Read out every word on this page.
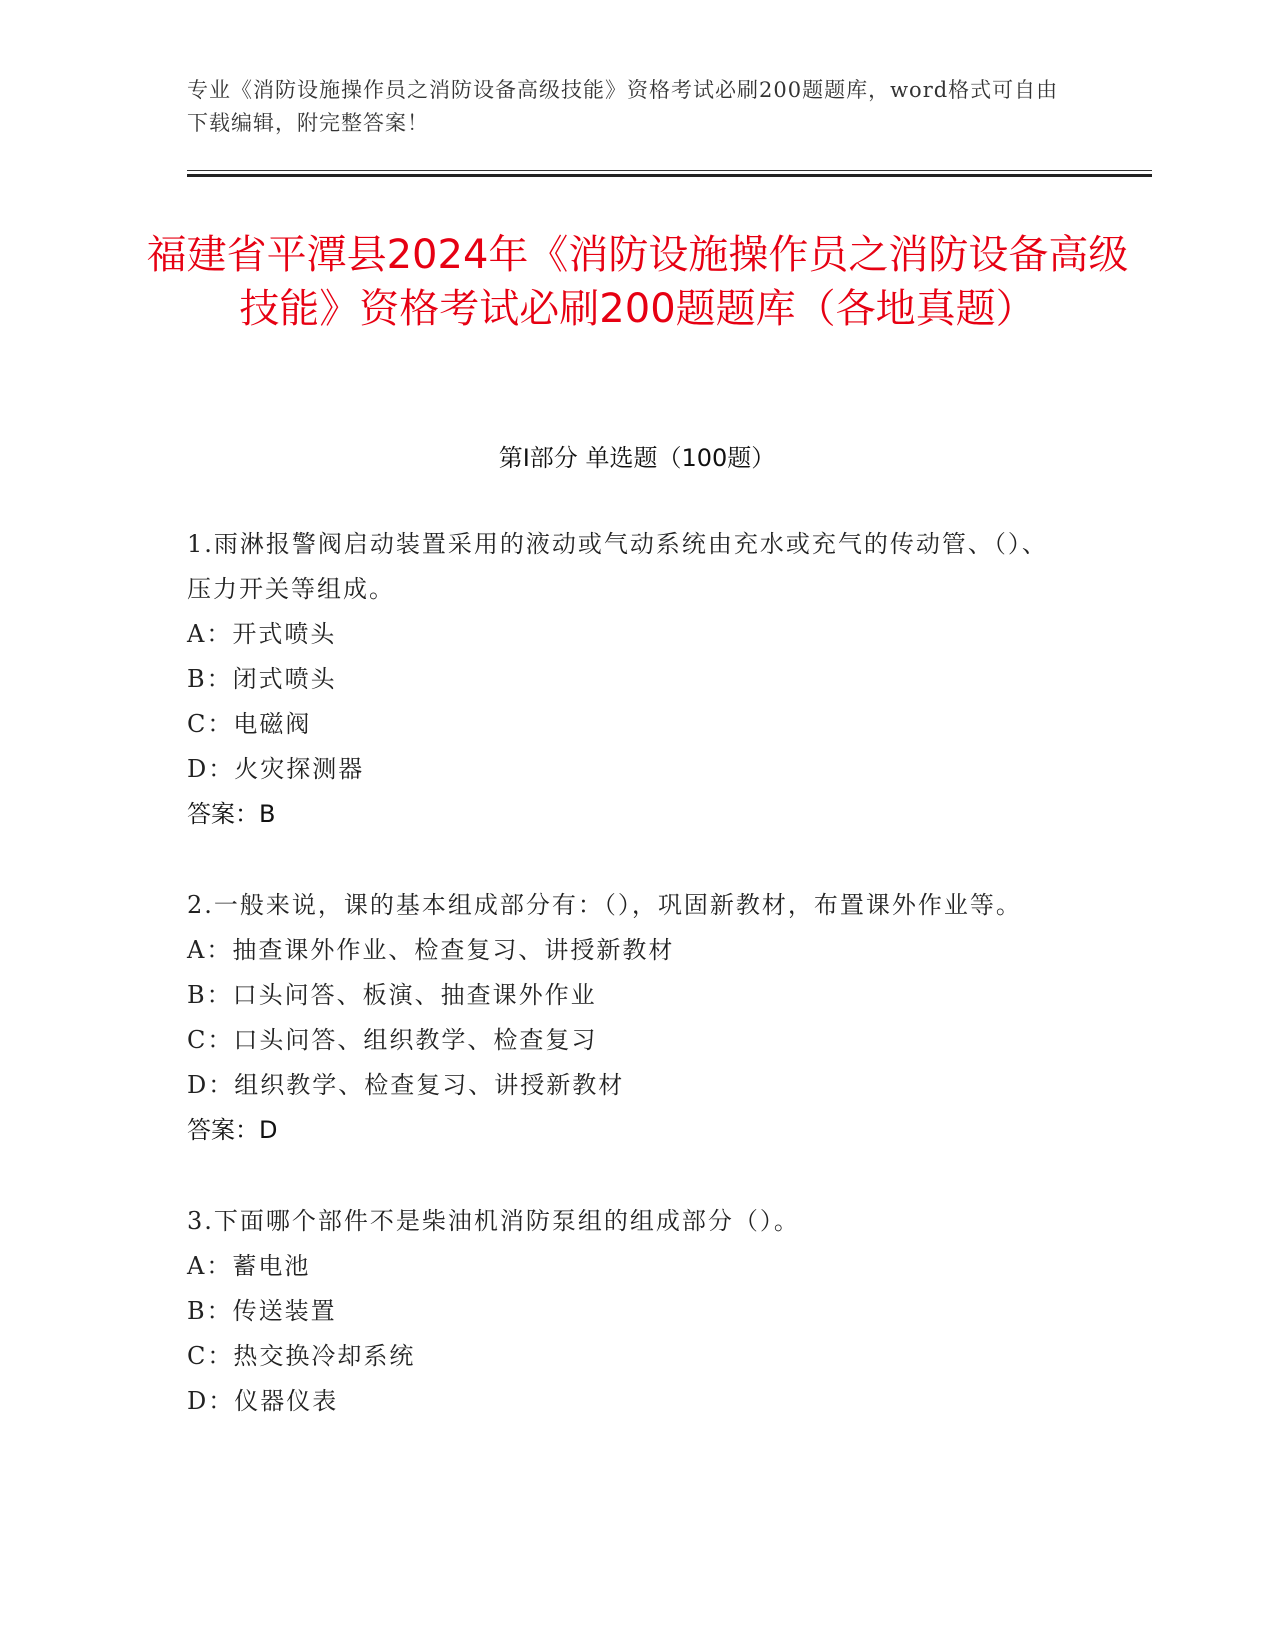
专业《消防设施操作员之消防设备高级技能》资格考试必刷200题题库，word格式可自由下载编辑，附完整答案！
福建省平潭县2024年《消防设施操作员之消防设备高级技能》资格考试必刷200题题库（各地真题）
第Ⅰ部分 单选题（100题）
1.雨淋报警阀启动装置采用的液动或气动系统由充水或充气的传动管、（）、压力开关等组成。
A：开式喷头
B：闭式喷头
C：电磁阀
D：火灾探测器
答案：B
2.一般来说，课的基本组成部分有：（），巩固新教材，布置课外作业等。
A：抽查课外作业、检查复习、讲授新教材
B：口头问答、板演、抽查课外作业
C：口头问答、组织教学、检查复习
D：组织教学、检查复习、讲授新教材
答案：D
3.下面哪个部件不是柴油机消防泵组的组成部分（）。
A：蓄电池
B：传送装置
C：热交换冷却系统
D：仪器仪表
